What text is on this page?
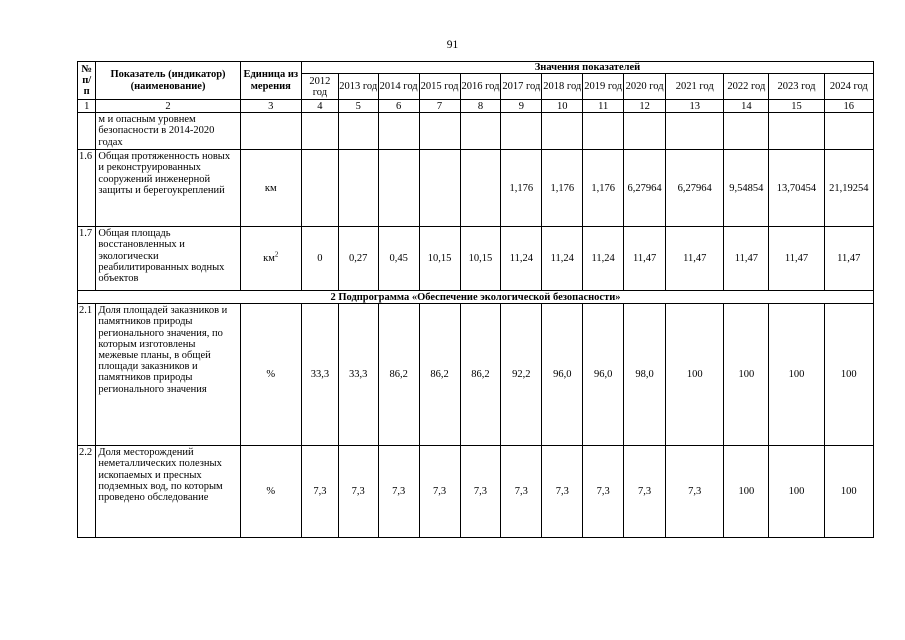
91
№ п/п	Показатель (индикатор) (наименование)	Единица измерения	Значения показателей												
			2012 год	2013 год	2014 год	2015 год	2016 год	2017 год	2018 год	2019 год	2020 год	2021 год	2022 год	2023 год	2024 год
1	2	3	4	5	6	7	8	9	10	11	12	13	14	15	16
	м и опасным уровнем безопасности в 2014-2020 годах														
1.6	Общая протяженность новых и реконструированных сооружений инженерной защиты и берегоукреплений	км						1,176	1,176	1,176	6,27964	6,27964	9,54854	13,70454	21,19254
1.7	Общая площадь восстановленных и экологически реабилитированных водных объектов	$км^2$	0	0,27	0,45	10,15	10,15	11,24	11,24	11,24	11,47	11,47	11,47	11,47	11,47
2 Подпрограмма «Обеспечение экологической безопасности»															
2.1	Доля площадей заказников и памятников природы регионального значения, по которым изготовлены межевые планы, в общей площади заказников и памятников природы регионального значения	%	33,3	33,3	86,2	86,2	86,2	92,2	96,0	96,0	98,0	100	100	100	100
2.2	Доля месторождений неметаллических полезных ископаемых и пресных подземных вод, по которым проведено обследование	%	7,3	7,3	7,3	7,3	7,3	7,3	7,3	7,3	7,3	7,3	100	100	100
